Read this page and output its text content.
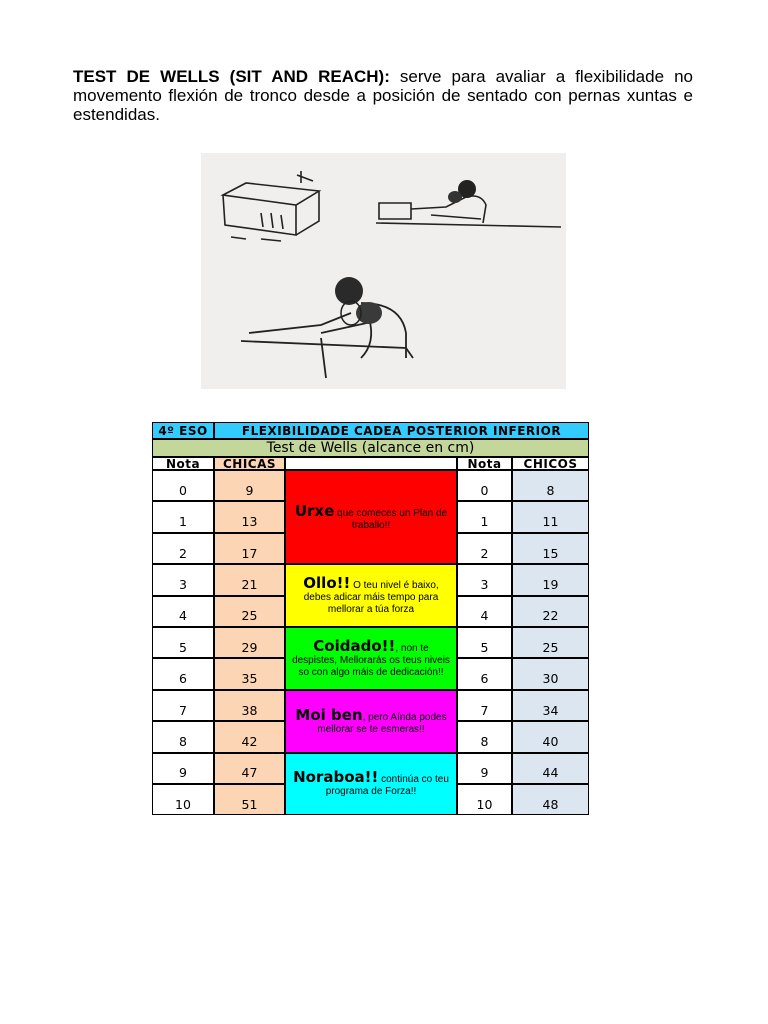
TEST DE WELLS (SIT AND REACH): serve para avaliar a flexibilidade no movemento flexión de tronco desde a posición de sentado con pernas xuntas e estendidas.

4º ESO	FLEXIBILIDADE CADEA POSTERIOR INFERIOR
Test de Wells (alcance en cm)
Nota	CHICAS	Nota	CHICOS
0	9	0	8
1	13	1	11
2	17	2	15
3	21	3	19
4	25	4	22
5	29	5	25
6	35	6	30
7	38	7	34
8	42	8	40
9	47	9	44
10	51	10	48
Urxe que comeces un Plan de traballo!!
Ollo!! O teu nivel é baixo, debes adicar máis tempo para mellorar a túa forza
Coidado!!, non te despistes, Mellorarás os teus niveis so con algo máis de dedicación!!
Moi ben, pero Aínda podes mellorar se te esmeras!!
Noraboa!! continúa co teu programa de Forza!!
